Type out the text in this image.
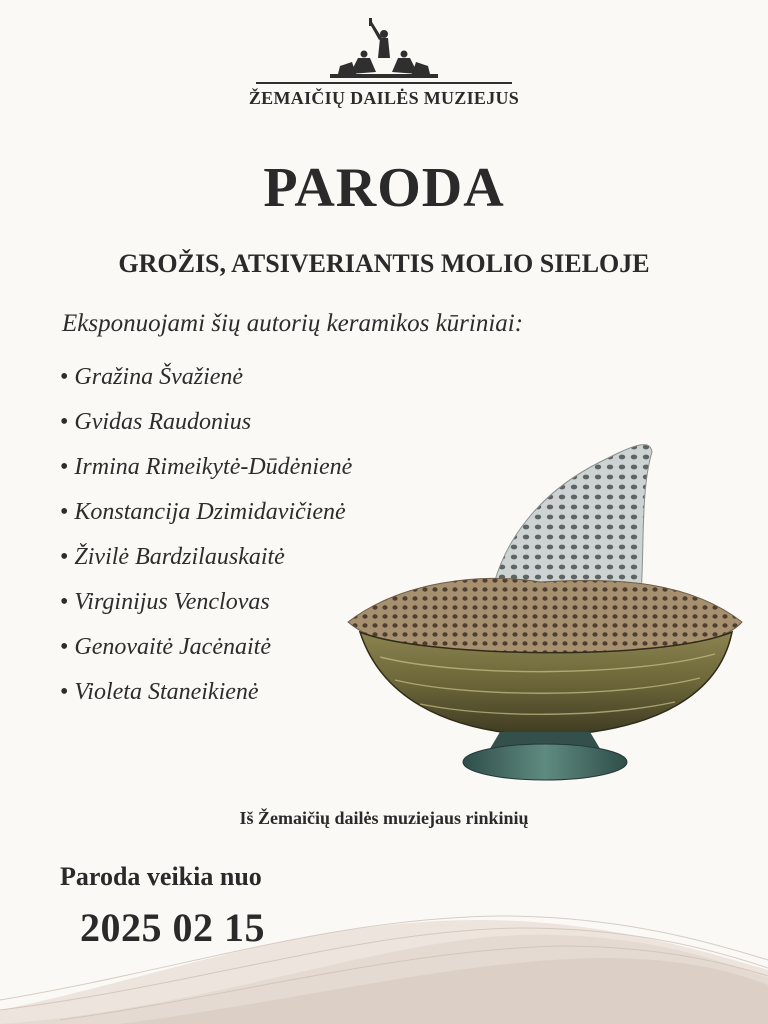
ŽEMAIČIŲ DAILĖS MUZIEJUS
PARODA
GROŽIS, ATSIVERIANTIS MOLIO SIELOJE
Eksponuojami šių autorių keramikos kūriniai:
• Gražina Švažienė
• Gvidas Raudonius
• Irmina Rimeikytė-Dūdėnienė
• Konstancija Dzimidavičienė
• Živilė Bardzilauskaitė
• Virginijus Venclovas
• Genovaitė Jacėnaitė
• Violeta Staneikienė
Iš Žemaičių dailės muziejaus rinkinių
Paroda veikia nuo
2025 02 15
